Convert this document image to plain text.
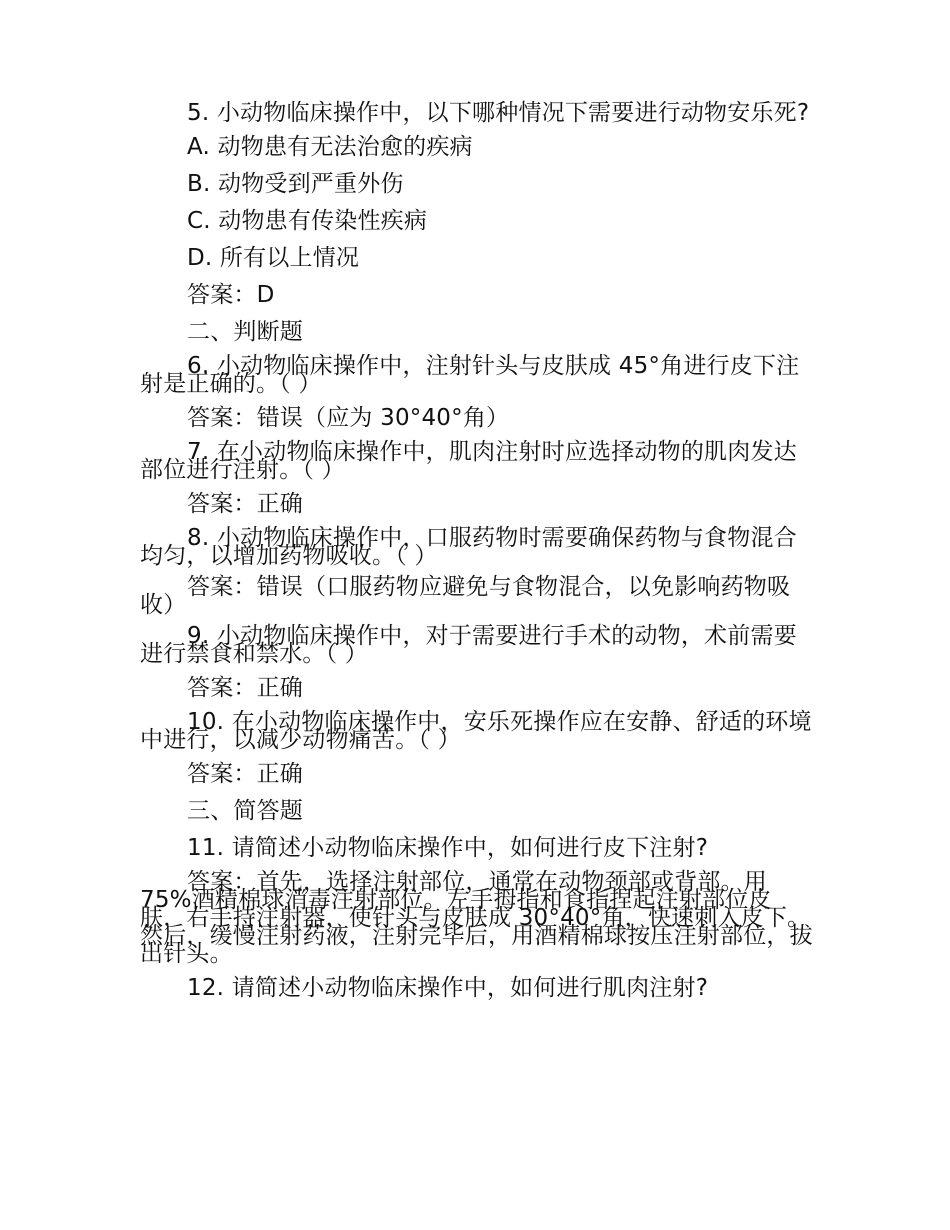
5. 小动物临床操作中，以下哪种情况下需要进行动物安乐死?

A. 动物患有无法治愈的疾病

B. 动物受到严重外伤

C. 动物患有传染性疾病

D. 所有以上情况

答案：D

二、判断题

6. 小动物临床操作中，注射针头与皮肤成 45°角进行皮下注射是正确的。（ ）

答案：错误（应为 30°40°角）

7. 在小动物临床操作中，肌肉注射时应选择动物的肌肉发达部位进行注射。（ ）

答案：正确

8. 小动物临床操作中，口服药物时需要确保药物与食物混合均匀，以增加药物吸收。（ ）

答案：错误（口服药物应避免与食物混合，以免影响药物吸收）

9. 小动物临床操作中，对于需要进行手术的动物，术前需要进行禁食和禁水。（ ）

答案：正确

10. 在小动物临床操作中，安乐死操作应在安静、舒适的环境中进行，以减少动物痛苦。（ ）

答案：正确

三、简答题

11. 请简述小动物临床操作中，如何进行皮下注射?

答案：首先，选择注射部位，通常在动物颈部或背部。用 75%酒精棉球消毒注射部位。左手拇指和食指捏起注射部位皮肤，右手持注射器，使针头与皮肤成 30°40°角，快速刺入皮下。然后，缓慢注射药液，注射完毕后，用酒精棉球按压注射部位，拔出针头。

12. 请简述小动物临床操作中，如何进行肌肉注射?
